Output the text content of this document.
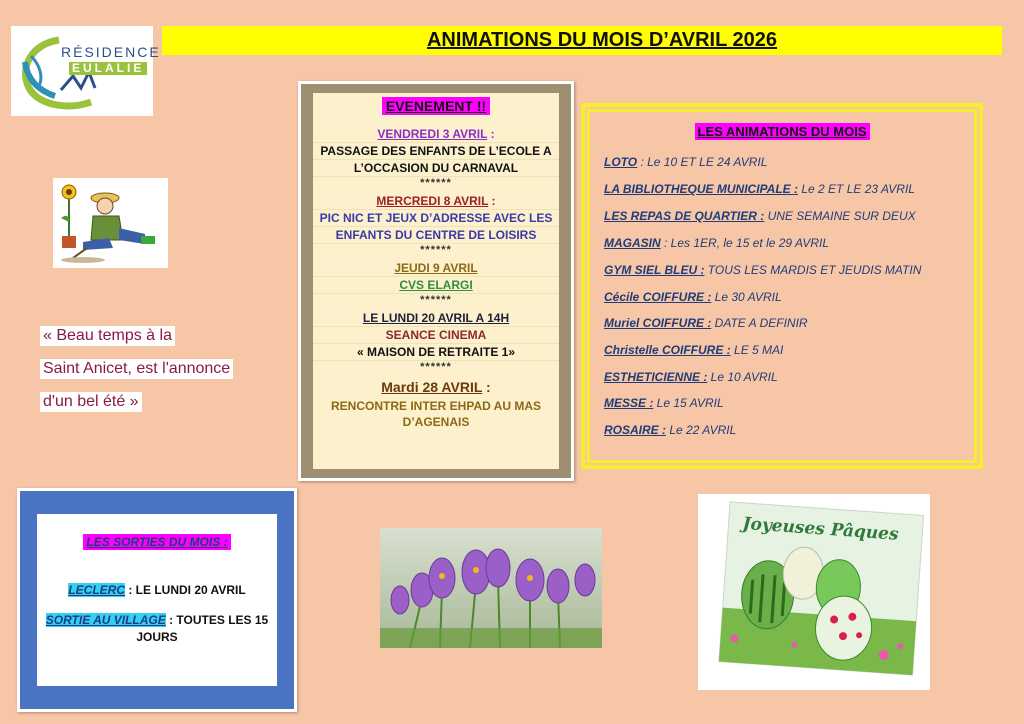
RÉSIDENCE
EULALIE
ANIMATIONS DU MOIS D’AVRIL 2026
« Beau temps à la
Saint Anicet, est l'annonce
d'un bel été »
EVENEMENT !!
VENDREDI 3 AVRIL :
PASSAGE DES ENFANTS DE L’ECOLE A
L’OCCASION DU CARNAVAL
******
MERCREDI 8 AVRIL :
PIC NIC ET JEUX D’ADRESSE AVEC LES
ENFANTS DU CENTRE DE LOISIRS
******
JEUDI 9 AVRIL
CVS ELARGI
******
LE LUNDI 20 AVRIL A 14H
SEANCE CINEMA
« MAISON DE RETRAITE 1»
******
Mardi 28 AVRIL :
RENCONTRE INTER EHPAD AU MAS
D’AGENAIS
LES ANIMATIONS DU MOIS
LOTO : Le 10 ET LE 24 AVRIL
LA BIBLIOTHEQUE MUNICIPALE : Le 2 ET LE 23 AVRIL
LES REPAS DE QUARTIER : UNE SEMAINE SUR DEUX
MAGASIN : Les 1ER, le 15 et le 29 AVRIL
GYM SIEL BLEU : TOUS LES MARDIS ET JEUDIS MATIN
Cécile COIFFURE : Le 30 AVRIL
Muriel COIFFURE : DATE A DEFINIR
Christelle COIFFURE : LE 5 MAI
ESTHETICIENNE : Le 10 AVRIL
MESSE : Le 15 AVRIL
ROSAIRE : Le 22 AVRIL
LES SORTIES DU MOIS :
LECLERC : LE LUNDI 20 AVRIL
SORTIE AU VILLAGE : TOUTES LES 15
JOURS
Joyeuses Pâques
